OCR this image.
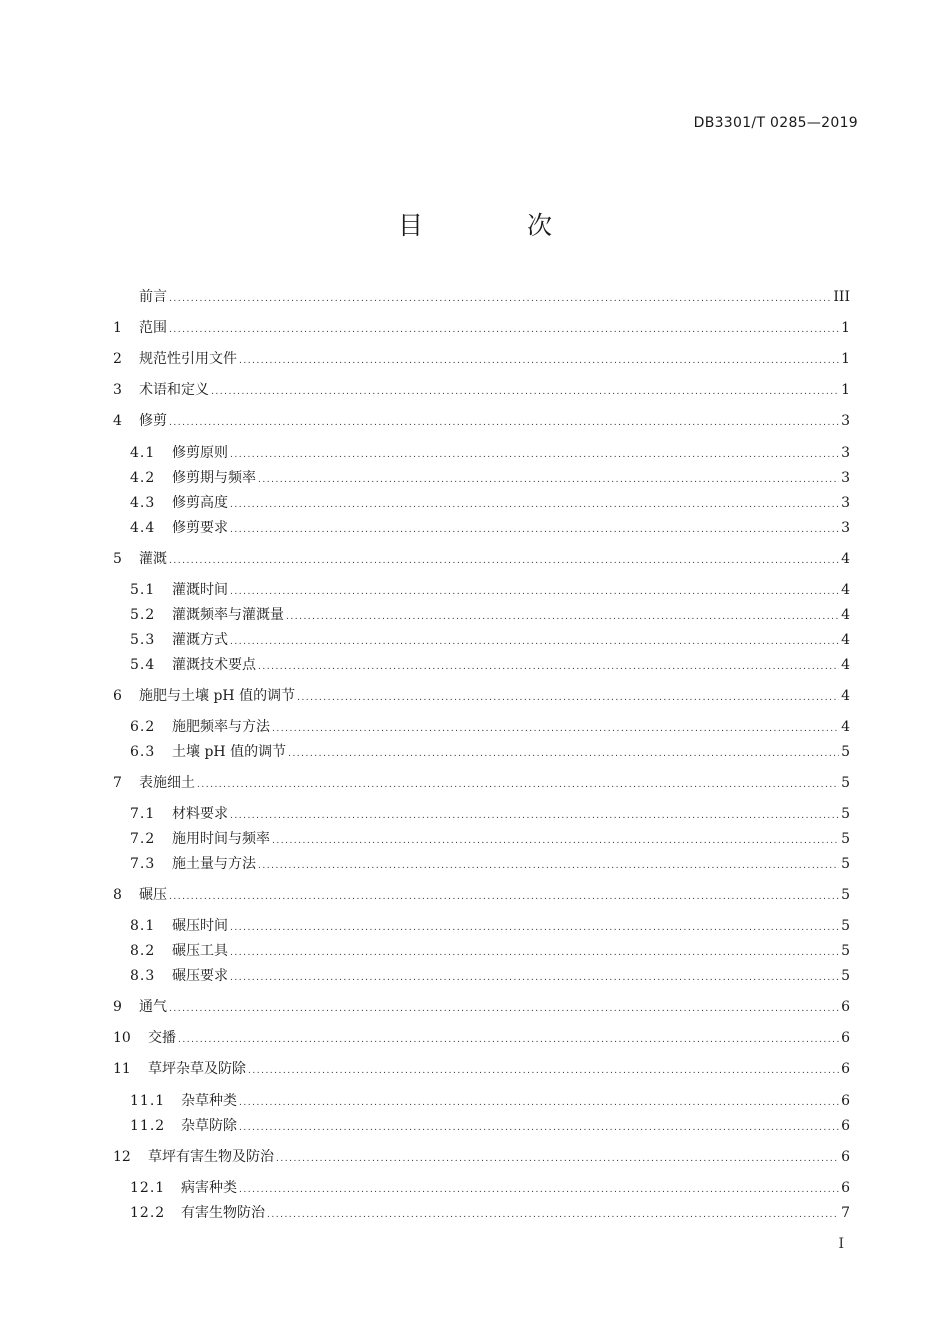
DB3301/T 0285—2019
目 次
前言 .....	III
1	范围 .....	1
2	规范性引用文件 .....	1
3	术语和定义 .....	1
4	修剪 .....	3
4.1	修剪原则 .....	3
4.2	修剪期与频率 .....	3
4.3	修剪高度 .....	3
4.4	修剪要求 .....	3
5	灌溉 .....	4
5.1	灌溉时间 .....	4
5.2	灌溉频率与灌溉量 .....	4
5.3	灌溉方式 .....	4
5.4	灌溉技术要点 .....	4
6	施肥与土壤 pH 值的调节 .....	4
6.2	施肥频率与方法 .....	4
6.3	土壤 pH 值的调节 .....	5
7	表施细土 .....	5
7.1	材料要求 .....	5
7.2	施用时间与频率 .....	5
7.3	施土量与方法 .....	5
8	碾压 .....	5
8.1	碾压时间 .....	5
8.2	碾压工具 .....	5
8.3	碾压要求 .....	5
9	通气 .....	6
10	交播 .....	6
11	草坪杂草及防除 .....	6
11.1	杂草种类 .....	6
11.2	杂草防除 .....	6
12	草坪有害生物及防治 .....	6
12.1	病害种类 .....	6
12.2	有害生物防治 .....	7
I
